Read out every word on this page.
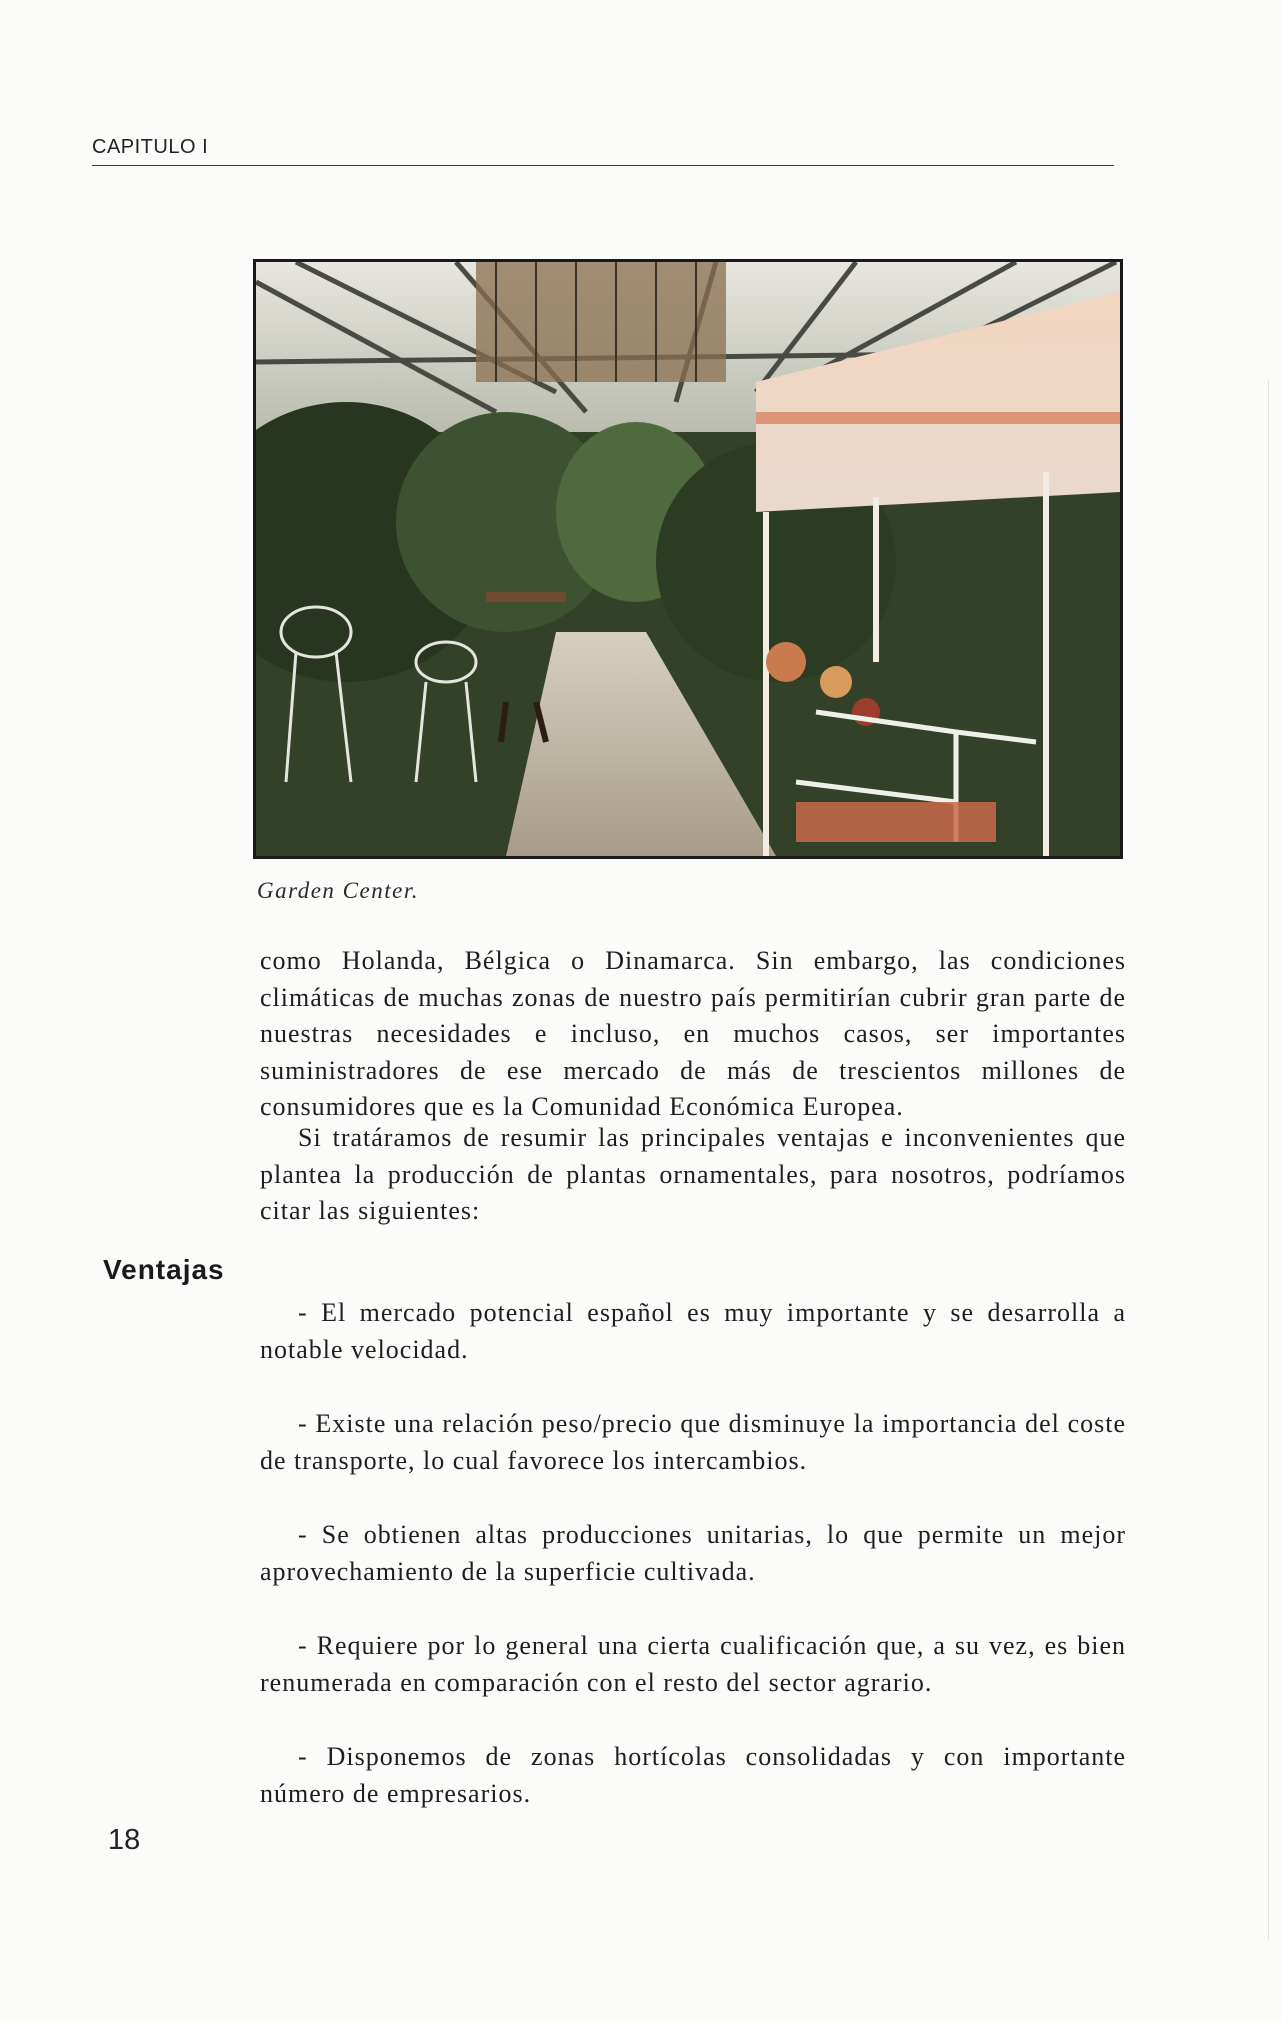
CAPITULO I
Garden Center.

como Holanda, Bélgica o Dinamarca. Sin embargo, las condiciones climáticas de muchas zonas de nuestro país permitirían cubrir gran parte de nuestras necesidades e incluso, en muchos casos, ser importantes suministradores de ese mercado de más de trescientos millones de consumidores que es la Comunidad Económica Europea.

Si tratáramos de resumir las principales ventajas e inconvenientes que plantea la producción de plantas ornamentales, para nosotros, podríamos citar las siguientes:

Ventajas
- El mercado potencial español es muy importante y se desarrolla a notable velocidad.
- Existe una relación peso/precio que disminuye la importancia del coste de transporte, lo cual favorece los intercambios.
- Se obtienen altas producciones unitarias, lo que permite un mejor aprovechamiento de la superficie cultivada.
- Requiere por lo general una cierta cualificación que, a su vez, es bien renumerada en comparación con el resto del sector agrario.
- Disponemos de zonas hortícolas consolidadas y con importante número de empresarios.
18
